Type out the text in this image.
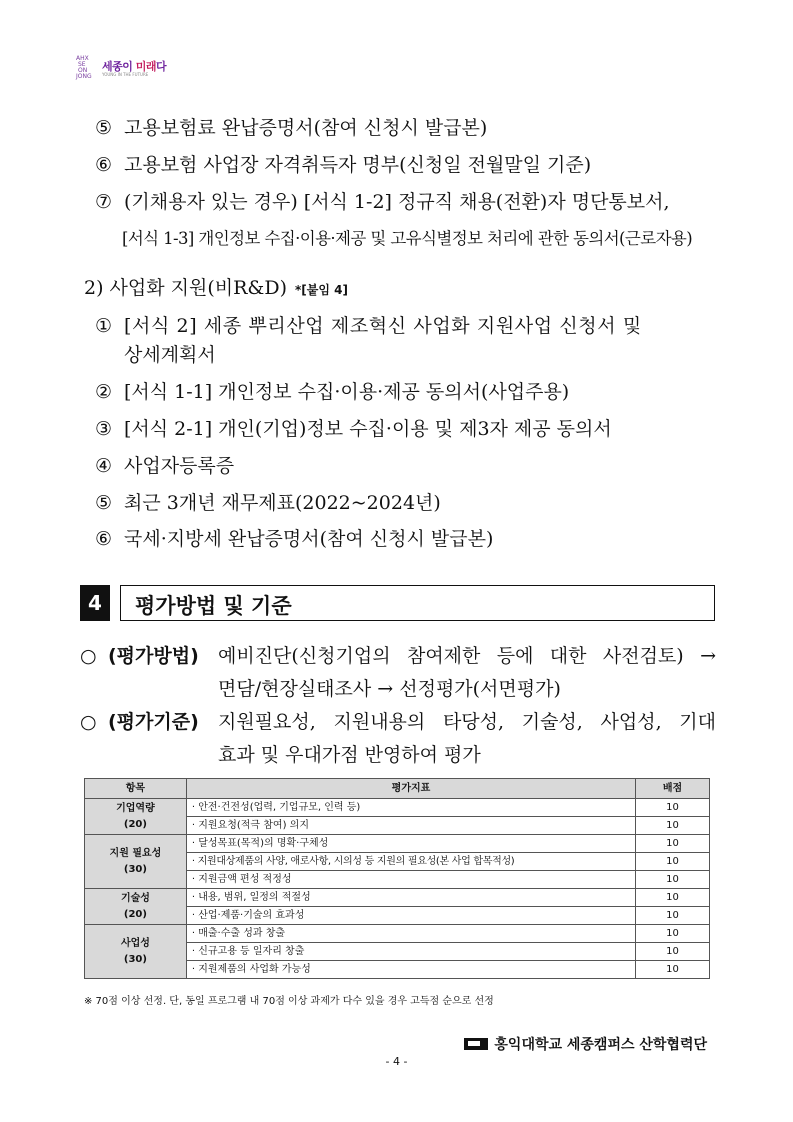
AHX
SE
ON
JONG
세종이 미래다
YOUNG IN THE FUTURE
⑤ 고용보험료 완납증명서(참여 신청시 발급본)
⑥ 고용보험 사업장 자격취득자 명부(신청일 전월말일 기준)
⑦ (기채용자 있는 경우) [서식 1-2] 정규직 채용(전환)자 명단통보서,
[서식 1-3] 개인정보 수집·이용·제공 및 고유식별정보 처리에 관한 동의서(근로자용)
2) 사업화 지원(비R&D) *[붙임 4]
① [서식 2] 세종 뿌리산업 제조혁신 사업화 지원사업 신청서 및
상세계획서
② [서식 1-1] 개인정보 수집·이용·제공 동의서(사업주용)
③ [서식 2-1] 개인(기업)정보 수집·이용 및 제3자 제공 동의서
④ 사업자등록증
⑤ 최근 3개년 재무제표(2022~2024년)
⑥ 국세·지방세 완납증명서(참여 신청시 발급본)
4	평가방법 및 기준
○ (평가방법) 예비진단(신청기업의 참여제한 등에 대한 사전검토) →
면담/현장실태조사 → 선정평가(서면평가)
○ (평가기준) 지원필요성, 지원내용의 타당성, 기술성, 사업성, 기대
효과 및 우대가점 반영하여 평가
항목	평가지표	배점
기업역량
(20)	· 안전·건전성(업력, 기업규모, 인력 등)	10
	· 지원요청(적극 참여) 의지	10
지원 필요성
(30)	· 달성목표(목적)의 명확·구체성	10
	· 지원대상제품의 사양, 애로사항, 시의성 등 지원의 필요성(본 사업 합목적성)	10
	· 지원금액 편성 적정성	10
기술성
(20)	· 내용, 범위, 일정의 적절성	10
	· 산업·제품·기술의 효과성	10
사업성
(30)	· 매출·수출 성과 창출	10
	· 신규고용 등 일자리 창출	10
	· 지원제품의 사업화 가능성	10
※ 70점 이상 선정. 단, 동일 프로그램 내 70점 이상 과제가 다수 있을 경우 고득점 순으로 선정
홍익대학교 세종캠퍼스 산학협력단
- 4 -
